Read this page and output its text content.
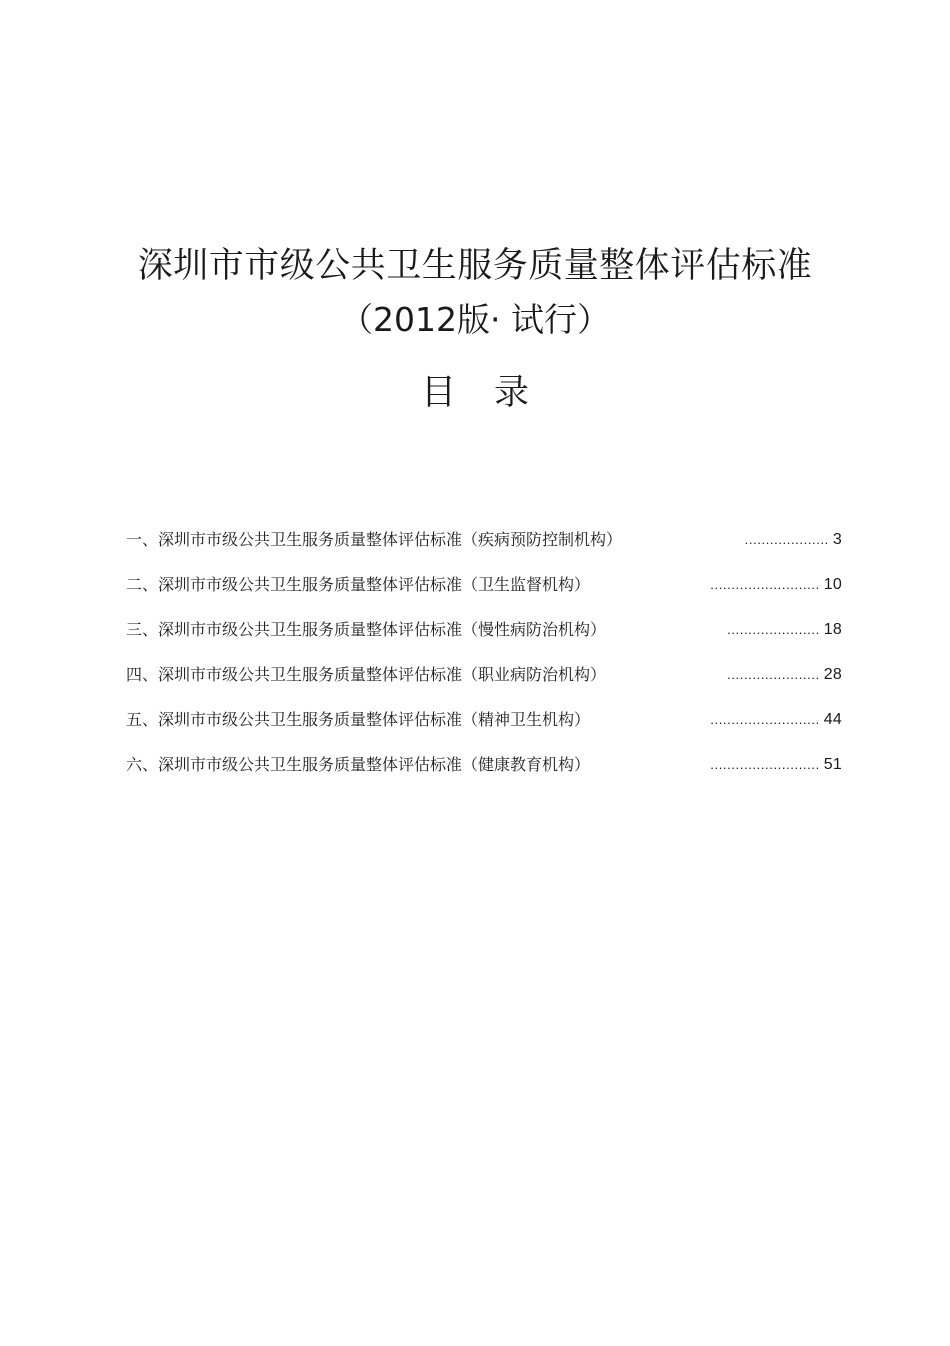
深圳市市级公共卫生服务质量整体评估标准
（2012版· 试行）
目录
一、深圳市市级公共卫生服务质量整体评估标准（疾病预防控制机构）	.................... 3
二、深圳市市级公共卫生服务质量整体评估标准（卫生监督机构）	.......................... 10
三、深圳市市级公共卫生服务质量整体评估标准（慢性病防治机构）	...................... 18
四、深圳市市级公共卫生服务质量整体评估标准（职业病防治机构）	...................... 28
五、深圳市市级公共卫生服务质量整体评估标准（精神卫生机构）	.......................... 44
六、深圳市市级公共卫生服务质量整体评估标准（健康教育机构）	.......................... 51
